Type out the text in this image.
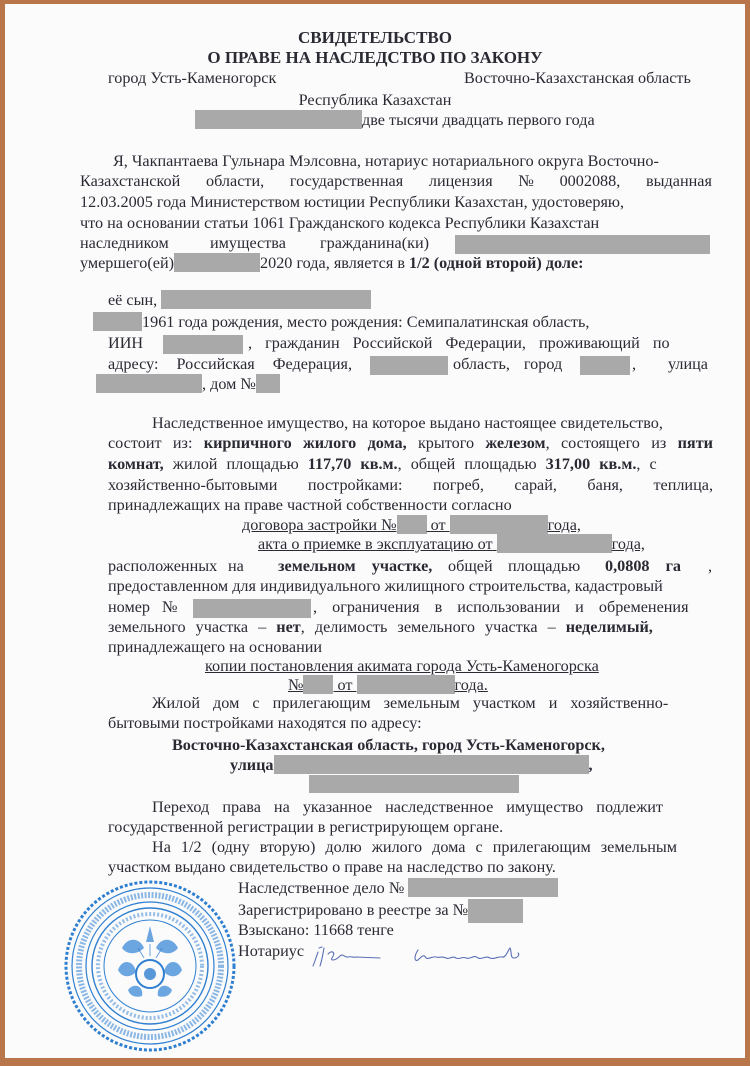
СВИДЕТЕЛЬСТВО
О ПРАВЕ НА НАСЛЕДСТВО ПО ЗАКОНУ
город Усть-Каменогорск	Восточно-Казахстанская область
Республика Казахстан
две тысячи двадцать первого года
Я, Чакпантаева Гульнара Мэлсовна, нотариус нотариального округа Восточно-
Казахстанской области, государственная лицензия № 0002088, выданная
12.03.2005 года Министерством юстиции Республики Казахстан, удостоверяю,
что на основании статьи 1061 Гражданского кодекса Республики Казахстан
наследником	имущества гражданина(ки)
умершего(ей)	2020 года, является в 1/2 (одной второй) доле:
её сын,
1961 года рождения, место рождения: Семипалатинская область,
ИИН	, гражданин Российской Федерации, проживающий по
адресу: Российская Федерация,	область, город	, улица
, дом №
Наследственное имущество, на которое выдано настоящее свидетельство,
состоит из: кирпичного жилого дома, крытого железом, состоящего из пяти
комнат, жилой площадью 117,70 кв.м., общей площадью 317,00 кв.м., с
хозяйственно-бытовыми постройками: погреб, сарай, баня, теплица,
принадлежащих на праве частной собственности согласно
договора застройки № от	года,
акта о приемке в эксплуатацию от	года,
расположенных на земельном участке, общей площадью 0,0808 га ,
предоставленном для индивидуального жилищного строительства, кадастровый
номер №	, ограничения в использовании и обременения
земельного участка – нет, делимость земельного участка – неделимый,
принадлежащего на основании
копии постановления акимата города Усть-Каменогорска
№ от	года.
Жилой дом с прилегающим земельным участком и хозяйственно-
бытовыми постройками находятся по адресу:
Восточно-Казахстанская область, город Усть-Каменогорск,
улица	,
Переход права на указанное наследственное имущество подлежит
государственной регистрации в регистрирующем органе.
На 1/2 (одну вторую) долю жилого дома с прилегающим земельным
участком выдано свидетельство о праве на наследство по закону.
Наследственное дело №
Зарегистрировано в реестре за №
Взыскано: 11668 тенге
Нотариус
